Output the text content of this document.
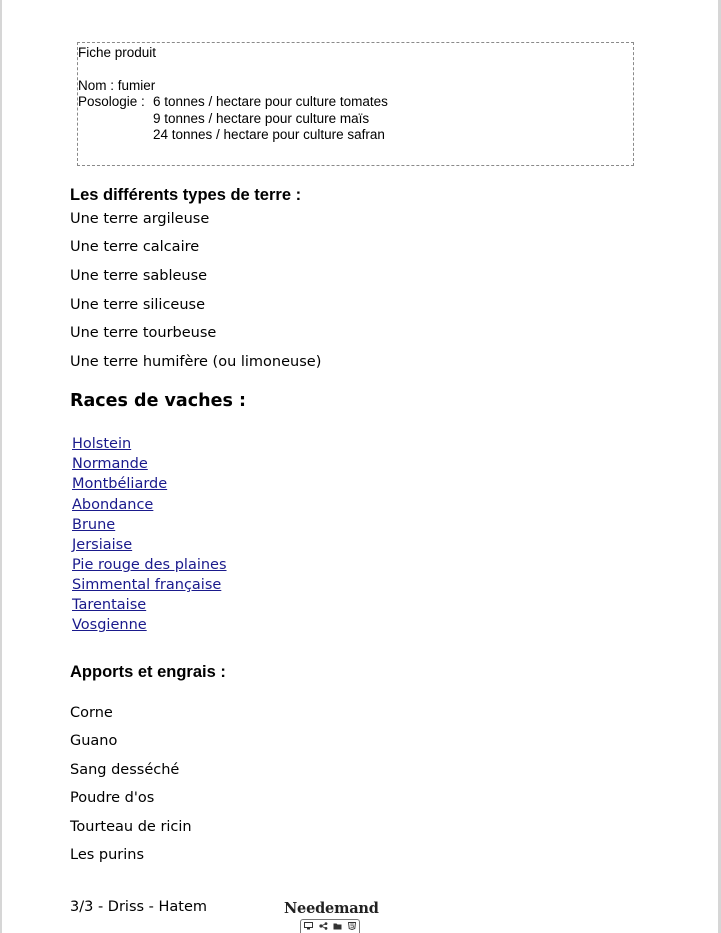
Fiche produit
Nom : fumier
Posologie : 6 tonnes / hectare pour culture tomates
9 tonnes / hectare pour culture maïs
24 tonnes / hectare pour culture safran
Les différents types de terre :
Une terre argileuse
Une terre calcaire
Une terre sableuse
Une terre siliceuse
Une terre tourbeuse
Une terre humifère (ou limoneuse)
Races de vaches :
Holstein
Normande
Montbéliarde
Abondance
Brune
Jersiaise
Pie rouge des plaines
Simmental française
Tarentaise
Vosgienne
Apports et engrais :
Corne
Guano
Sang desséché
Poudre d'os
Tourteau de ricin
Les purins
3/3 - Driss - Hatem	Needemand
